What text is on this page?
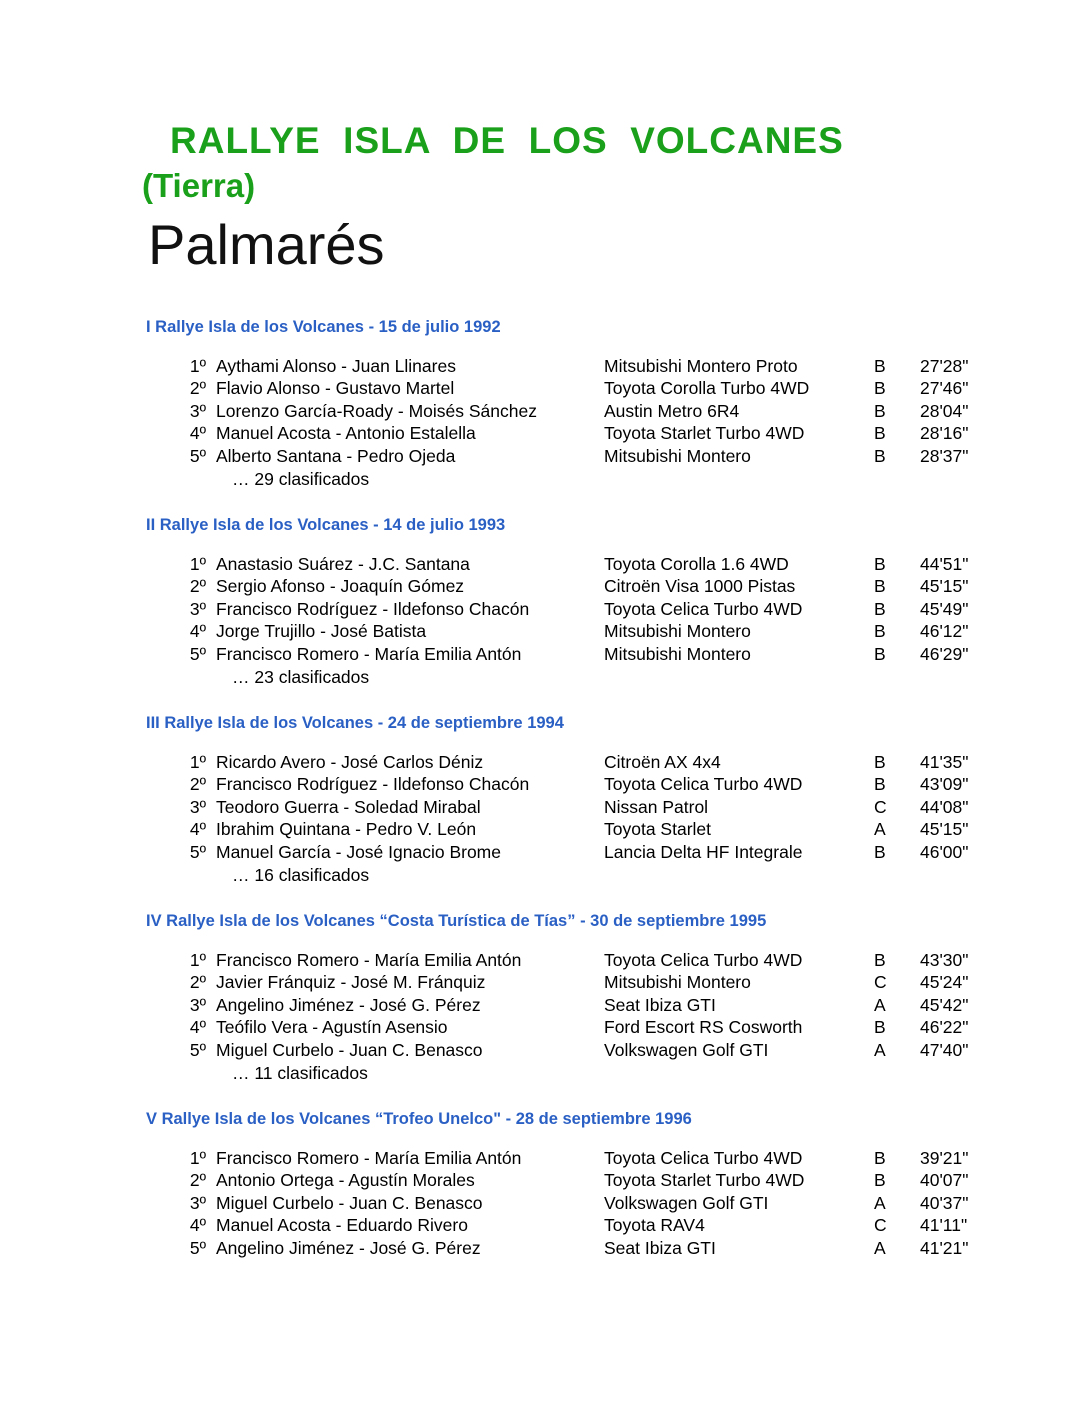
RALLYE  ISLA  DE  LOS  VOLCANES
(Tierra)
Palmarés
I Rallye Isla de los Volcanes - 15 de julio 1992
1º Aythami Alonso - Juan Llinares	Mitsubishi Montero Proto	B	27'28"
2º Flavio Alonso - Gustavo Martel	Toyota Corolla Turbo 4WD	B	27'46"
3º Lorenzo García-Roady - Moisés Sánchez	Austin Metro 6R4	B	28'04"
4º Manuel Acosta - Antonio Estalella	Toyota Starlet Turbo 4WD	B	28'16"
5º Alberto Santana - Pedro Ojeda	Mitsubishi Montero	B	28'37"
… 29 clasificados
II Rallye Isla de los Volcanes - 14 de julio 1993
1º Anastasio Suárez - J.C. Santana	Toyota Corolla 1.6 4WD	B	44'51"
2º Sergio Afonso - Joaquín Gómez	Citroën Visa 1000 Pistas	B	45'15"
3º Francisco Rodríguez - Ildefonso Chacón	Toyota Celica Turbo 4WD	B	45'49"
4º Jorge Trujillo - José Batista	Mitsubishi Montero	B	46'12"
5º Francisco Romero - María Emilia Antón	Mitsubishi Montero	B	46'29"
… 23 clasificados
III Rallye Isla de los Volcanes - 24 de septiembre 1994
1º Ricardo Avero - José Carlos Déniz	Citroën AX 4x4	B	41'35"
2º Francisco Rodríguez - Ildefonso Chacón	Toyota Celica Turbo 4WD	B	43'09"
3º Teodoro Guerra - Soledad Mirabal	Nissan Patrol	C	44'08"
4º Ibrahim Quintana - Pedro V. León	Toyota Starlet	A	45'15"
5º Manuel García - José Ignacio Brome	Lancia Delta HF Integrale	B	46'00"
… 16 clasificados
IV Rallye Isla de los Volcanes “Costa Turística de Tías” - 30 de septiembre 1995
1º Francisco Romero - María Emilia Antón	Toyota Celica Turbo 4WD	B	43'30"
2º Javier Fránquiz - José M. Fránquiz	Mitsubishi Montero	C	45'24"
3º Angelino Jiménez - José G. Pérez	Seat Ibiza GTI	A	45'42"
4º Teófilo Vera - Agustín Asensio	Ford Escort RS Cosworth	B	46'22"
5º Miguel Curbelo - Juan C. Benasco	Volkswagen Golf GTI	A	47'40"
… 11 clasificados
V Rallye Isla de los Volcanes “Trofeo Unelco" - 28 de septiembre 1996
1º Francisco Romero - María Emilia Antón	Toyota Celica Turbo 4WD	B	39'21"
2º Antonio Ortega - Agustín Morales	Toyota Starlet Turbo 4WD	B	40'07"
3º Miguel Curbelo - Juan C. Benasco	Volkswagen Golf GTI	A	40'37"
4º Manuel Acosta - Eduardo Rivero	Toyota RAV4	C	41'11"
5º Angelino Jiménez - José G. Pérez	Seat Ibiza GTI	A	41'21"
